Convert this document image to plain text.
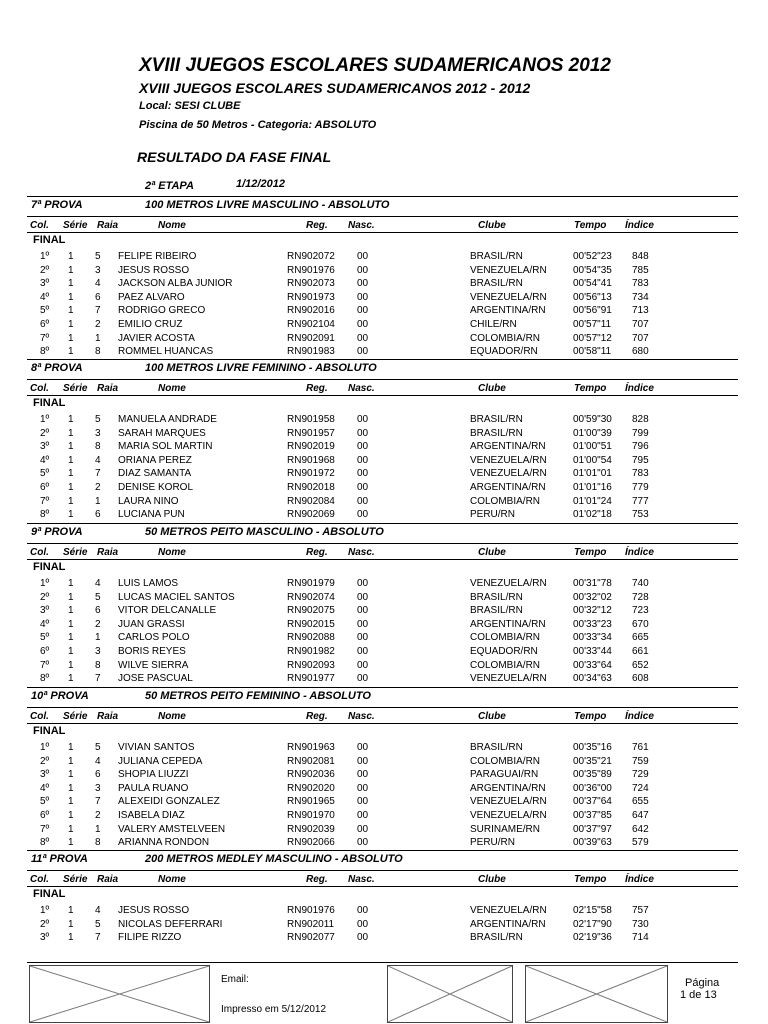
XVIII JUEGOS ESCOLARES SUDAMERICANOS 2012
XVIII JUEGOS ESCOLARES SUDAMERICANOS 2012 - 2012
Local: SESI CLUBE
Piscina de 50 Metros - Categoria: ABSOLUTO
RESULTADO DA FASE FINAL
2ª ETAPA	1/12/2012
7ª PROVA	100 METROS LIVRE MASCULINO - ABSOLUTO
Col. Série Raia	Nome	Reg. Nasc.	Clube	Tempo Índice
FINAL
1º 1 5 FELIPE RIBEIRO	RN902072 00	BRASIL/RN	00'52"23 848
2º 1 3 JESUS ROSSO	RN901976 00	VENEZUELA/RN	00'54"35 785
3º 1 4 JACKSON ALBA JUNIOR	RN902073 00	BRASIL/RN	00'54"41 783
4º 1 6 PAEZ ALVARO	RN901973 00	VENEZUELA/RN	00'56"13 734
5º 1 7 RODRIGO GRECO	RN902016 00	ARGENTINA/RN	00'56"91 713
6º 1 2 EMILIO CRUZ	RN902104 00	CHILE/RN	00'57"11 707
7º 1 1 JAVIER ACOSTA	RN902091 00	COLOMBIA/RN	00'57"12 707
8º 1 8 ROMMEL HUANCAS	RN901983 00	EQUADOR/RN	00'58"11 680
8ª PROVA	100 METROS LIVRE FEMININO - ABSOLUTO
Col. Série Raia	Nome	Reg. Nasc.	Clube	Tempo Índice
FINAL
1º 1 5 MANUELA ANDRADE	RN901958 00	BRASIL/RN	00'59"30 828
2º 1 3 SARAH MARQUES	RN901957 00	BRASIL/RN	01'00"39 799
3º 1 8 MARIA SOL MARTIN	RN902019 00	ARGENTINA/RN	01'00"51 796
4º 1 4 ORIANA PEREZ	RN901968 00	VENEZUELA/RN	01'00"54 795
5º 1 7 DIAZ SAMANTA	RN901972 00	VENEZUELA/RN	01'01"01 783
6º 1 2 DENISE KOROL	RN902018 00	ARGENTINA/RN	01'01"16 779
7º 1 1 LAURA NINO	RN902084 00	COLOMBIA/RN	01'01"24 777
8º 1 6 LUCIANA PUN	RN902069 00	PERU/RN	01'02"18 753
9ª PROVA	50 METROS PEITO MASCULINO - ABSOLUTO
Col. Série Raia	Nome	Reg. Nasc.	Clube	Tempo Índice
FINAL
1º 1 4 LUIS LAMOS	RN901979 00	VENEZUELA/RN	00'31"78 740
2º 1 5 LUCAS MACIEL SANTOS	RN902074 00	BRASIL/RN	00'32"02 728
3º 1 6 VITOR DELCANALLE	RN902075 00	BRASIL/RN	00'32"12 723
4º 1 2 JUAN GRASSI	RN902015 00	ARGENTINA/RN	00'33"23 670
5º 1 1 CARLOS POLO	RN902088 00	COLOMBIA/RN	00'33"34 665
6º 1 3 BORIS REYES	RN901982 00	EQUADOR/RN	00'33"44 661
7º 1 8 WILVE SIERRA	RN902093 00	COLOMBIA/RN	00'33"64 652
8º 1 7 JOSE PASCUAL	RN901977 00	VENEZUELA/RN	00'34"63 608
10ª PROVA	50 METROS PEITO FEMININO - ABSOLUTO
Col. Série Raia	Nome	Reg. Nasc.	Clube	Tempo Índice
FINAL
1º 1 5 VIVIAN SANTOS	RN901963 00	BRASIL/RN	00'35"16 761
2º 1 4 JULIANA CEPEDA	RN902081 00	COLOMBIA/RN	00'35"21 759
3º 1 6 SHOPIA LIUZZI	RN902036 00	PARAGUAI/RN	00'35"89 729
4º 1 3 PAULA RUANO	RN902020 00	ARGENTINA/RN	00'36"00 724
5º 1 7 ALEXEIDI GONZALEZ	RN901965 00	VENEZUELA/RN	00'37"64 655
6º 1 2 ISABELA DIAZ	RN901970 00	VENEZUELA/RN	00'37"85 647
7º 1 1 VALERY AMSTELVEEN	RN902039 00	SURINAME/RN	00'37"97 642
8º 1 8 ARIANNA RONDON	RN902066 00	PERU/RN	00'39"63 579
11ª PROVA	200 METROS MEDLEY MASCULINO - ABSOLUTO
Col. Série Raia	Nome	Reg. Nasc.	Clube	Tempo Índice
FINAL
1º 1 4 JESUS ROSSO	RN901976 00	VENEZUELA/RN	02'15"58 757
2º 1 5 NICOLAS DEFERRARI	RN902011 00	ARGENTINA/RN	02'17"90 730
3º 1 7 FILIPE RIZZO	RN902077 00	BRASIL/RN	02'19"36 714
Email:
Impresso em 5/12/2012
Página
1 de 13
